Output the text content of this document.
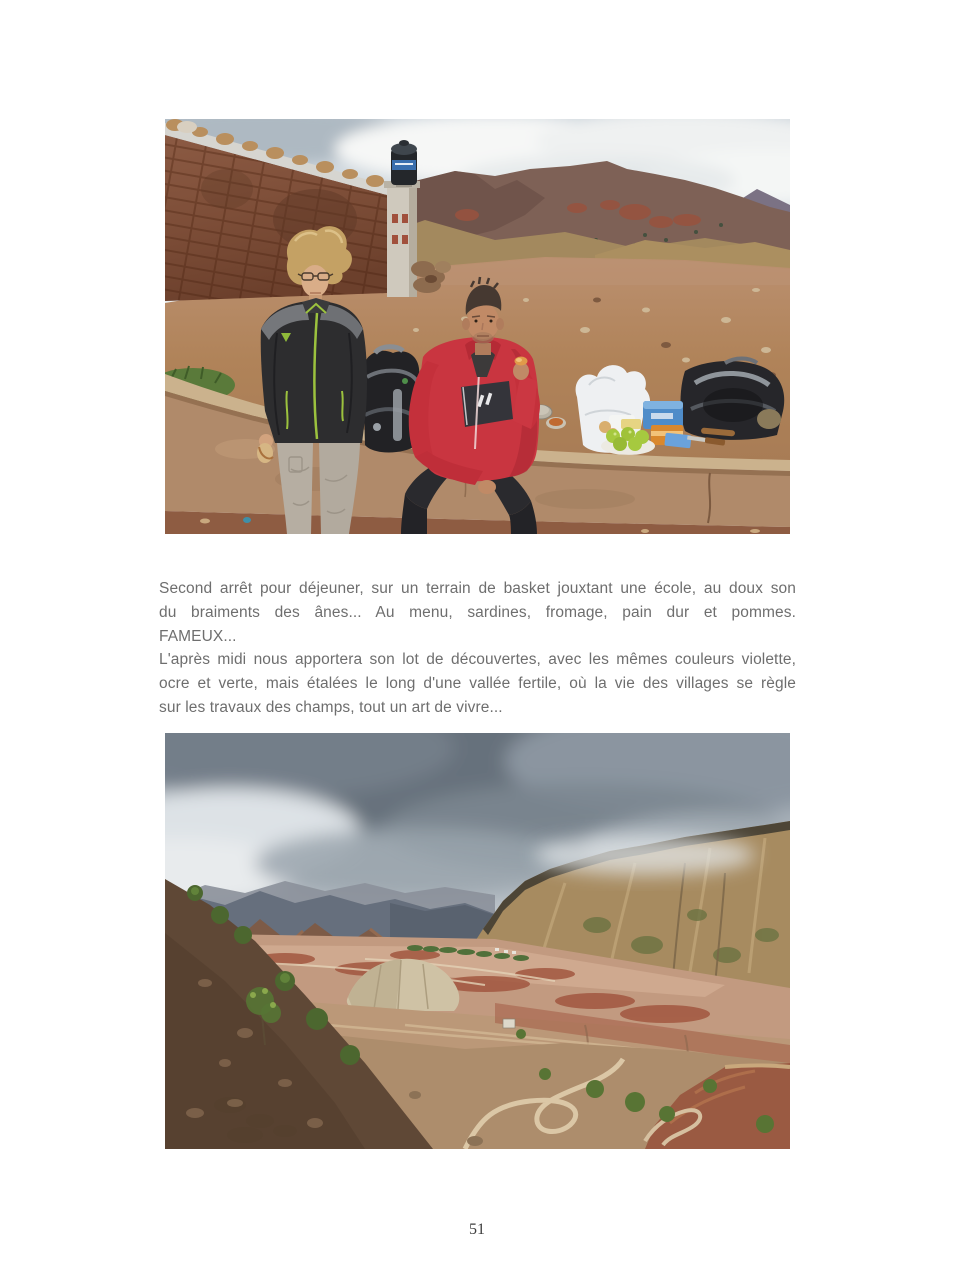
Second arrêt pour déjeuner, sur un terrain de basket jouxtant une école, au doux son
du braiments des ânes... Au menu, sardines, fromage, pain dur et pommes.
FAMEUX...
L'après midi nous apportera son lot de découvertes, avec les mêmes couleurs violette,
ocre et verte, mais étalées le long d'une vallée fertile, où la vie des villages se règle
sur les travaux des champs, tout un art de vivre...
51
